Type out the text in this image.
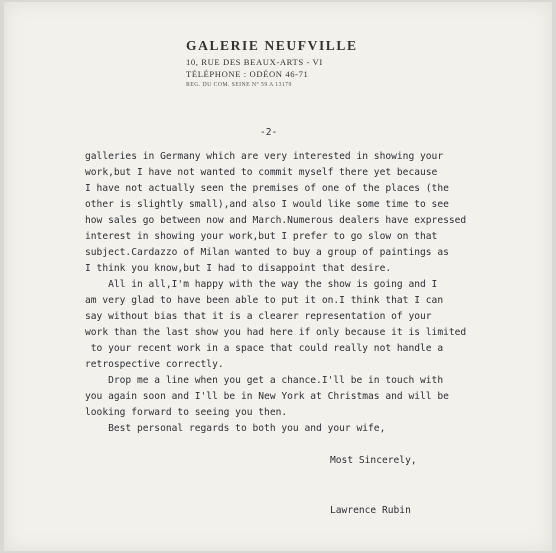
GALERIE NEUFVILLE
10, RUE DES BEAUX-ARTS - VI
TÉLÉPHONE : ODÉON 46-71
REG. DU COM. SEINE N° 59 A 13179
-2-

galleries in Germany which are very interested in showing your

work,but I have not wanted to commit myself there yet because

I have not actually seen the premises of one of the places (the

other is slightly small),and also I would like some time to see

how sales go between now and March.Numerous dealers have expressed

interest in showing your work,but I prefer to go slow on that

subject.Cardazzo of Milan wanted to buy a group of paintings as

I think you know,but I had to disappoint that desire.

All in all,I'm happy with the way the show is going and I

am very glad to have been able to put it on.I think that I can

say without bias that it is a clearer representation of your

work than the last show you had here if only because it is limited

to your recent work in a space that could really not handle a

retrospective correctly.

Drop me a line when you get a chance.I'll be in touch with

you again soon and I'll be in New York at Christmas and will be

looking forward to seeing you then.

Best personal regards to both you and your wife,

Most Sincerely,
Lawrence Rubin
